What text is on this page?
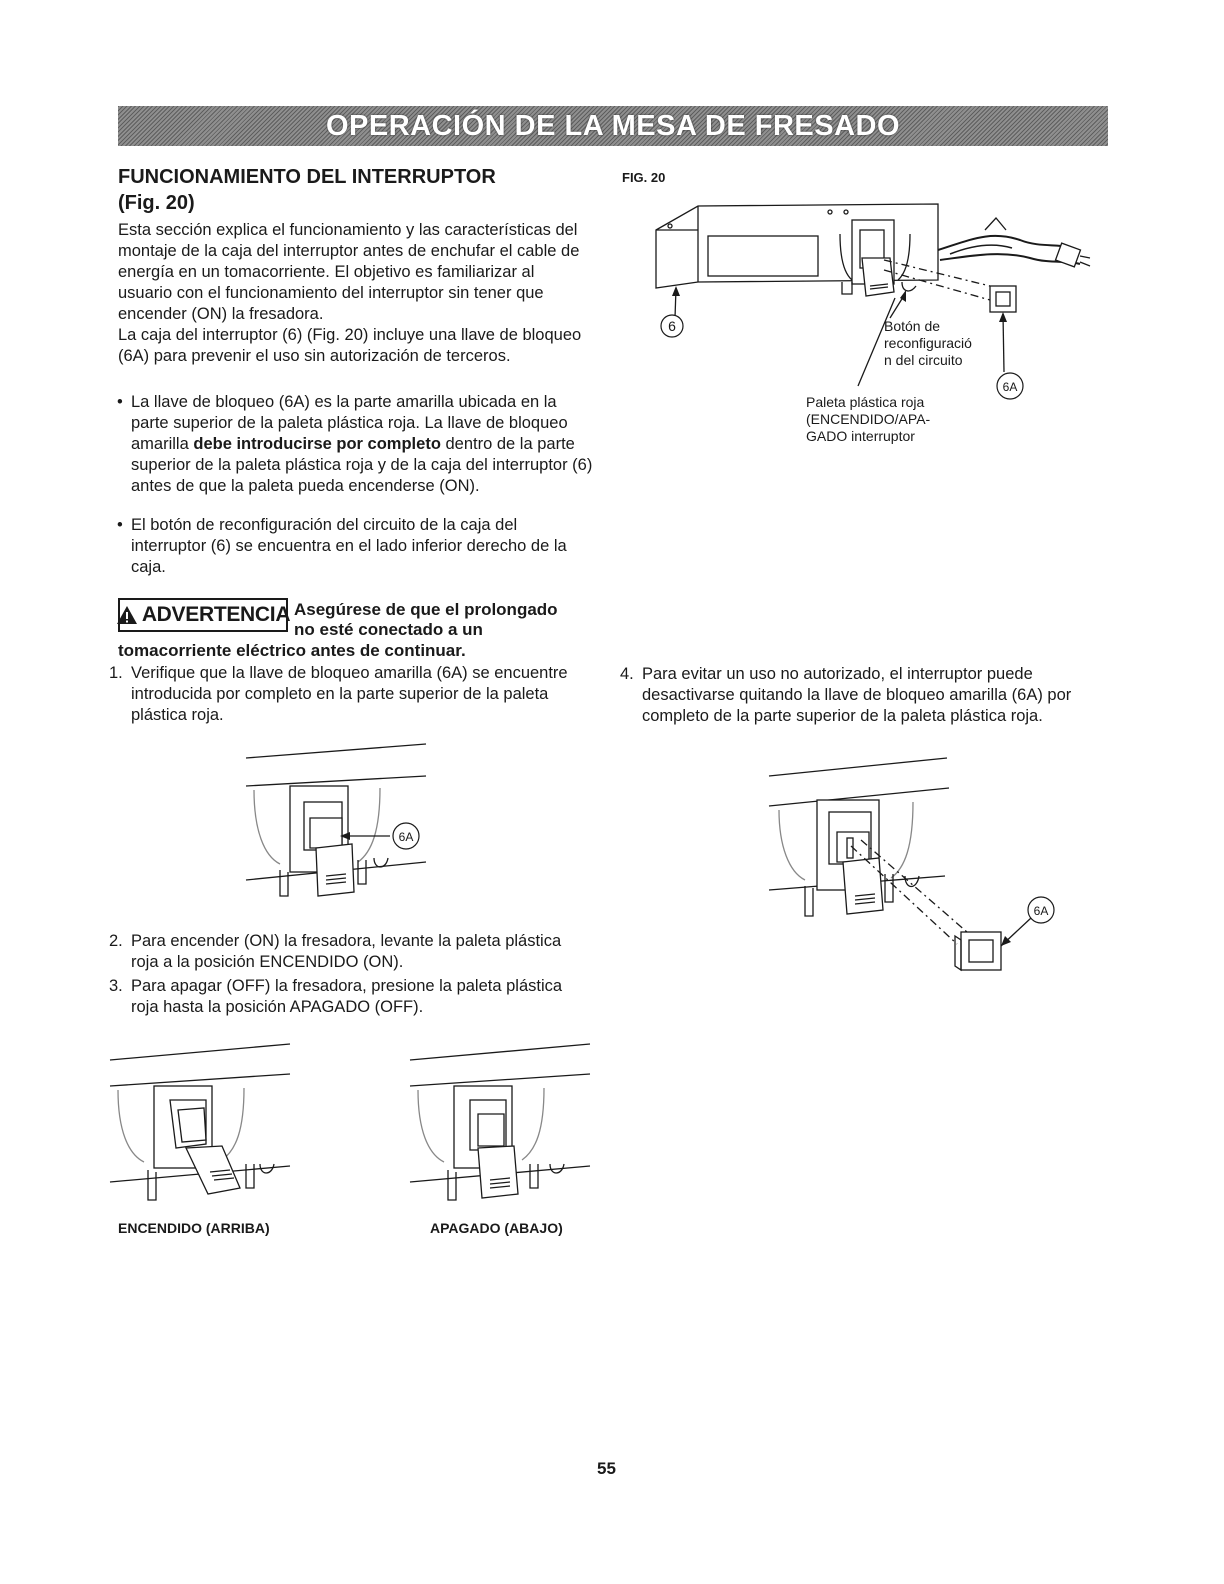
OPERACIÓN DE LA MESA DE FRESADO
FUNCIONAMIENTO DEL INTERRUPTOR
(Fig. 20)

Esta sección explica el funcionamiento y las características del montaje de la caja del interruptor antes de enchufar el cable de energía en un tomacorriente. El objetivo es familiarizar al usuario con el funcionamiento del interruptor sin tener que encender (ON) la fresadora.

La caja del interruptor (6) (Fig. 20) incluye una llave de bloqueo (6A) para prevenir el uso sin autorización de terceros.

• La llave de bloqueo (6A) es la parte amarilla ubicada en la parte superior de la paleta plástica roja. La llave de bloqueo amarilla debe introducirse por completo dentro de la parte superior de la paleta plástica roja y de la caja del interruptor (6) antes de que la paleta pueda encenderse (ON).
• El botón de reconfiguración del circuito de la caja del interruptor (6) se encuentra en el lado inferior derecho de la caja.
ADVERTENCIA Asegúrese de que el prolongado
no esté conectado a un
tomacorriente eléctrico antes de continuar.
1. Verifique que la llave de bloqueo amarilla (6A) se encuentre introducida por completo en la parte superior de la paleta plástica roja.
2. Para encender (ON) la fresadora, levante la paleta plástica roja a la posición ENCENDIDO (ON).
3. Para apagar (OFF) la fresadora, presione la paleta plástica roja hasta la posición APAGADO (OFF).
4. Para evitar un uso no autorizado, el interruptor puede desactivarse quitando la llave de bloqueo amarilla (6A) por completo de la parte superior de la paleta plástica roja.
FIG. 20
6
6A
Botón de
reconfiguració
n del circuito
Paleta plástica roja
(ENCENDIDO/APA-
GADO interruptor
6A
6A
ENCENDIDO (ARRIBA)	APAGADO (ABAJO)
55
